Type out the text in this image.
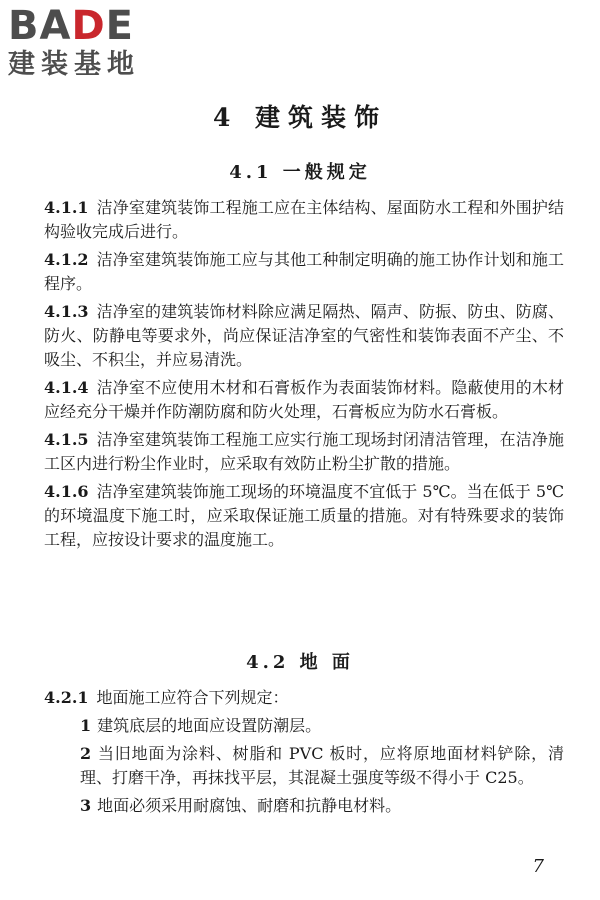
BADE
建装基地
4 建筑装饰
4.1 一般规定

4.1.1 洁净室建筑装饰工程施工应在主体结构、屋面防水工程和外围护结构验收完成后进行。

4.1.2 洁净室建筑装饰施工应与其他工种制定明确的施工协作计划和施工程序。

4.1.3 洁净室的建筑装饰材料除应满足隔热、隔声、防振、防虫、防腐、防火、防静电等要求外，尚应保证洁净室的气密性和装饰表面不产尘、不吸尘、不积尘，并应易清洗。

4.1.4 洁净室不应使用木材和石膏板作为表面装饰材料。隐蔽使用的木材应经充分干燥并作防潮防腐和防火处理，石膏板应为防水石膏板。

4.1.5 洁净室建筑装饰工程施工应实行施工现场封闭清洁管理，在洁净施工区内进行粉尘作业时，应采取有效防止粉尘扩散的措施。

4.1.6 洁净室建筑装饰施工现场的环境温度不宜低于 5℃。当在低于 5℃的环境温度下施工时，应采取保证施工质量的措施。对有特殊要求的装饰工程，应按设计要求的温度施工。

4.2 地 面

4.2.1 地面施工应符合下列规定：

1 建筑底层的地面应设置防潮层。

2 当旧地面为涂料、树脂和 PVC 板时，应将原地面材料铲除，清理、打磨干净，再抹找平层，其混凝土强度等级不得小于 C25。

3 地面必须采用耐腐蚀、耐磨和抗静电材料。

7
